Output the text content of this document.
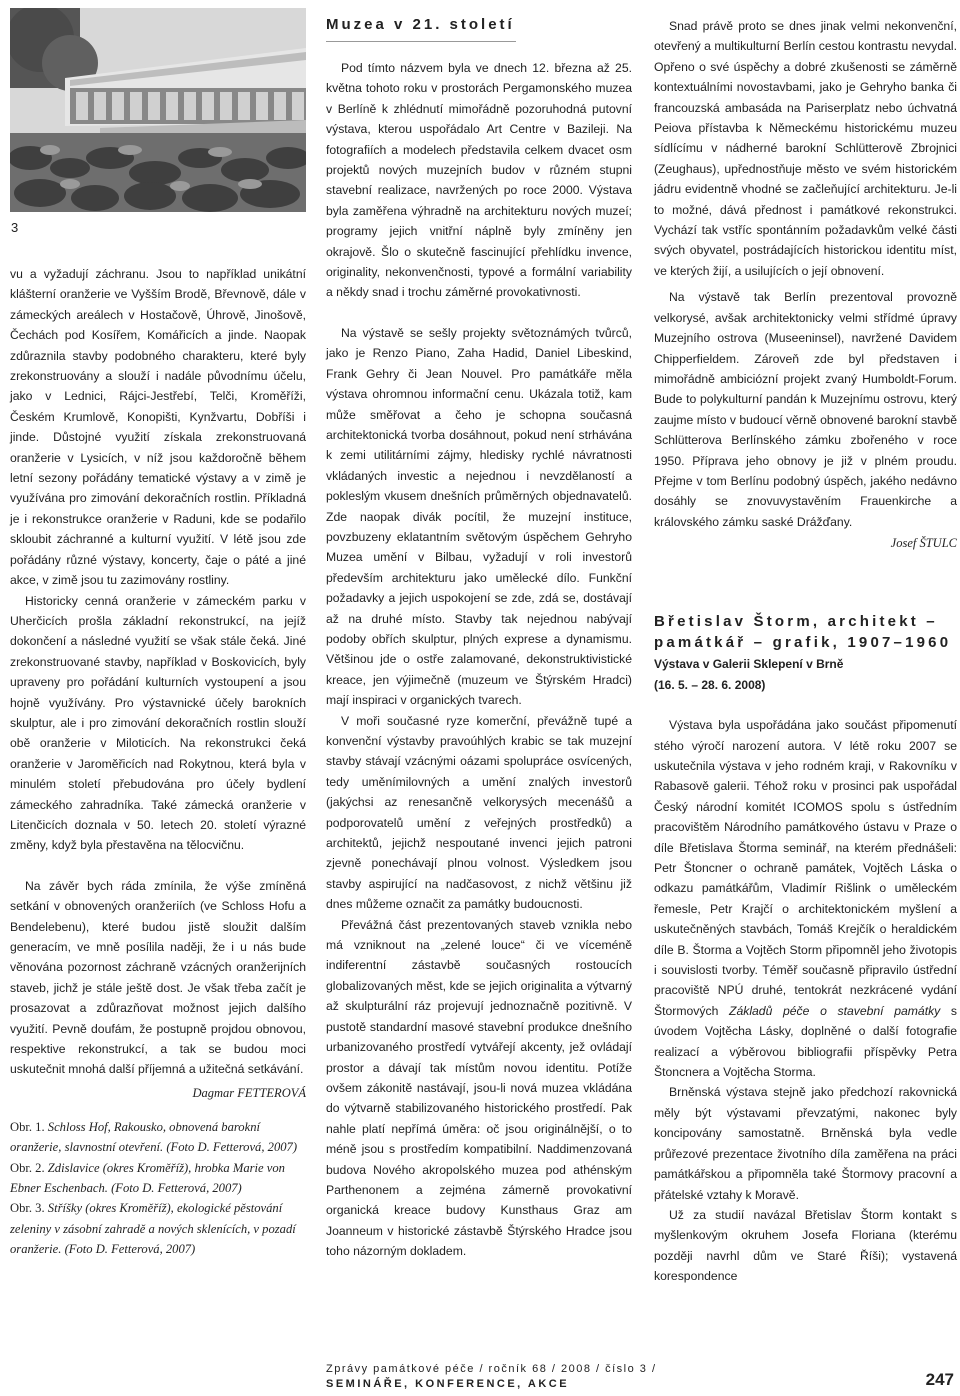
3

vu a vyžadují záchranu. Jsou to například unikátní klášterní oranžerie ve Vyšším Brodě, Břevnově, dále v zámeckých areálech v Hostačově, Úhrově, Jinošově, Čechách pod Kosířem, Komářicích a jinde. Naopak zdůraznila stavby podobného charakteru, které byly zrekonstruovány a slouží i nadále původnímu účelu, jako v Lednici, Rájci-Jestřebí, Telči, Kroměříži, Českém Krumlově, Konopišti, Kynžvartu, Dobříši i jinde. Důstojné využití získala zrekonstruovaná oranžerie v Lysicích, v níž jsou každoročně během letní sezony pořádány tematické výstavy a v zimě je využívána pro zimování dekoračních rostlin. Příkladná je i rekonstrukce oranžerie v Raduni, kde se podařilo skloubit záchranné a kulturní využití. V létě jsou zde pořádány různé výstavy, koncerty, čaje o páté a jiné akce, v zimě jsou tu zazimovány rostliny.

Historicky cenná oranžerie v zámeckém parku v Uherčicích prošla základní rekonstrukcí, na jejíž dokončení a následné využití se však stále čeká. Jiné zrekonstruované stavby, například v Boskovicích, byly upraveny pro pořádání kulturních vystoupení a jsou hojně využívány. Pro výstavnické účely barokních skulptur, ale i pro zimování dekoračních rostlin slouží obě oranžerie v Miloticích. Na rekonstrukci čeká oranžerie v Jaroměřicích nad Rokytnou, která byla v minulém století přebudována pro účely bydlení zámeckého zahradníka. Také zámecká oranžerie v Litenčicích doznala v 50. letech 20. století výrazné změny, když byla přestavěna na tělocvičnu.

Na závěr bych ráda zmínila, že výše zmíněná setkání v obnovených oranžeriích (ve Schloss Hofu a Bendelebenu), které budou jistě sloužit dalším generacím, ve mně posílila naději, že i u nás bude věnována pozornost záchraně vzácných oranžerijních staveb, jichž je stále ještě dost. Je však třeba začít je prosazovat a zdůrazňovat možnost jejich dalšího využití. Pevně doufám, že postupně projdou obnovou, respektive rekonstrukcí, a tak se budou moci uskutečnit mnohá další příjemná a užitečná setkávání.

Dagmar FETTEROVÁ
Obr. 1. Schloss Hof, Rakousko, obnovená barokní oranžerie, slavnostní otevření. (Foto D. Fetterová, 2007)
Obr. 2. Zdislavice (okres Kroměříž), hrobka Marie von Ebner Eschenbach. (Foto D. Fetterová, 2007)
Obr. 3. Stříšky (okres Kroměříž), ekologické pěstování zeleniny v zásobní zahradě a nových sklenících, v pozadí oranžerie. (Foto D. Fetterová, 2007)
Muzea v 21. století

Pod tímto názvem byla ve dnech 12. března až 25. května tohoto roku v prostorách Pergamonského muzea v Berlíně k zhlédnutí mimořádně pozoruhodná putovní výstava, kterou uspořádalo Art Centre v Bazileji. Na fotografiích a modelech představila celkem dvacet osm projektů nových muzejních budov v různém stupni stavební realizace, navržených po roce 2000. Výstava byla zaměřena výhradně na architekturu nových muzeí; programy jejich vnitřní náplně byly zmíněny jen okrajově. Šlo o skutečně fascinující přehlídku invence, originality, nekonvenčnosti, typové a formální variability a někdy snad i trochu záměrné provokativnosti.

Na výstavě se sešly projekty světoznámých tvůrců, jako je Renzo Piano, Zaha Hadid, Daniel Libeskind, Frank Gehry či Jean Nouvel. Pro památkáře měla výstava ohromnou informační cenu. Ukázala totiž, kam může směřovat a čeho je schopna současná architektonická tvorba dosáhnout, pokud není strhávána k zemi utilitárními zájmy, hledisky rychlé návratnosti vkládaných investic a nejednou i nevzdělaností a pokleslým vkusem dnešních průměrných objednavatelů. Zde naopak divák pocítil, že muzejní instituce, povzbuzeny eklatantním světovým úspěchem Gehryho Muzea umění v Bilbau, vyžadují v roli investorů především architekturu jako umělecké dílo. Funkční požadavky a jejich uspokojení se zde, zdá se, dostávají až na druhé místo. Stavby tak nejednou nabývají podoby obřích skulptur, plných exprese a dynamismu. Většinou jde o ostře zalamované, dekonstruktivistické kreace, jen výjimečně (muzeum ve Štýrském Hradci) mají inspiraci v organických tvarech.

V moři současné ryze komerční, převážně tupé a konvenční výstavby pravoúhlých krabic se tak muzejní stavby stávají vzácnými oázami spolupráce osvícených, tedy uměnímilovných a umění znalých investorů (jakýchsi az renesančně velkorysých mecenášů a podporovatelů umění z veřejných prostředků) a architektů, jejichž nespoutané invenci jejich patroni zjevně ponechávají plnou volnost. Výsledkem jsou stavby aspirující na nadčasovost, z nichž většinu již dnes můžeme označit za památky budoucnosti.

Převážná část prezentovaných staveb vznikla nebo má vzniknout na „zelené louce“ či ve víceméně indiferentní zástavbě současných rostoucích globalizovaných měst, kde se jejich originalita a výtvarný až skulpturální ráz projevují jednoznačně pozitivně. V pustotě standardní masové stavební produkce dnešního urbanizovaného prostředí vytvářejí akcenty, jež ovládají prostor a dávají tak místům novou identitu. Potíže ovšem zákonitě nastávají, jsou-li nová muzea vkládána do výtvarně stabilizovaného historického prostředí. Pak nahle platí nepřímá úměra: oč jsou originálnější, o to méně jsou s prostředím kompatibilní. Naddimenzovaná budova Nového akropolského muzea pod athénským Parthenonem a zejména zámerně provokativní organická kreace budovy Kunsthaus Graz am Joanneum v historické zástavbě Štýrského Hradce jsou toho názorným dokladem.

Snad právě proto se dnes jinak velmi nekonvenční, otevřený a multikulturní Berlín cestou kontrastu nevydal. Opřeno o své úspěchy a dobré zkušenosti se záměrně kontextuálními novostavbami, jako je Gehryho banka či francouzská ambasáda na Pariserplatz nebo úchvatná Peiova přístavba k Německému historickému muzeu sídlícímu v nádherné barokní Schlütterově Zbrojnici (Zeughaus), upřednostňuje město ve svém historickém jádru evidentně vhodné se začleňující architekturu. Je-li to možné, dává přednost i památkové rekonstrukci. Vychází tak vstříc spontánním požadavkům velké části svých obyvatel, postrádajících historickou identitu míst, ve kterých žijí, a usilujících o její obnovení.

Na výstavě tak Berlín prezentoval provozně velkorysé, avšak architektonicky velmi střídmé úpravy Muzejního ostrova (Museeninsel), navržené Davidem Chipperfieldem. Zároveň zde byl představen i mimořádně ambiciózní projekt zvaný Humboldt-Forum. Bude to polykulturní pandán k Muzejnímu ostrovu, který zaujme místo v budoucí věrně obnovené barokní stavbě Schlütterova Berlínského zámku zbořeného v roce 1950. Příprava jeho obnovy je již v plném proudu. Přejme v tom Berlínu podobný úspěch, jakého nedávno dosáhly se znovuvystavěním Frauenkirche a královského zámku saské Drážďany.

Josef ŠTULC
Břetislav Štorm, architekt –
památkář – grafik, 1907–1960
Výstava v Galerii Sklepení v Brně
(16. 5. – 28. 6. 2008)

Výstava byla uspořádána jako součást připomenutí stého výročí narození autora. V létě roku 2007 se uskutečnila výstava v jeho rodném kraji, v Rakovníku v Rabasově galerii. Téhož roku v prosinci pak uspořádal Český národní komitét ICOMOS spolu s ústředním pracovištěm Národního památkového ústavu v Praze o díle Břetislava Štorma seminář, na kterém přednášeli: Petr Štoncner o ochraně památek, Vojtěch Láska o odkazu památkářům, Vladimír Rišlink o uměleckém řemesle, Petr Krajčí o architektonickém myšlení a uskutečněných stavbách, Tomáš Krejčík o heraldickém díle B. Štorma a Vojtěch Storm připomněl jeho životopis i souvislosti tvorby. Téměř současně připravilo ústřední pracoviště NPÚ druhé, tentokrát nezkrácené vydání Štormových Základů péče o stavební památky s úvodem Vojtěcha Lásky, doplněné o další fotografie realizací a výběrovou bibliografii příspěvky Petra Štoncnera a Vojtěcha Storma.

Brněnská výstava stejně jako předchozí rakovnická měly být výstavami převzatými, nakonec byly koncipovány samostatně. Brněnská byla vedle průřezové prezentace životního díla zaměřena na práci památkářskou a připomněla také Štormovy pracovní a přátelské vztahy k Moravě.

Už za studií navázal Břetislav Štorm kontakt s myšlenkovým okruhem Josefa Floriana (kterému později navrhl dům ve Staré Říši); vystavená korespondence

Zprávy památkové péče / ročník 68 / 2008 / číslo 3 /
SEMINÁŘE, KONFERENCE, AKCE	247
